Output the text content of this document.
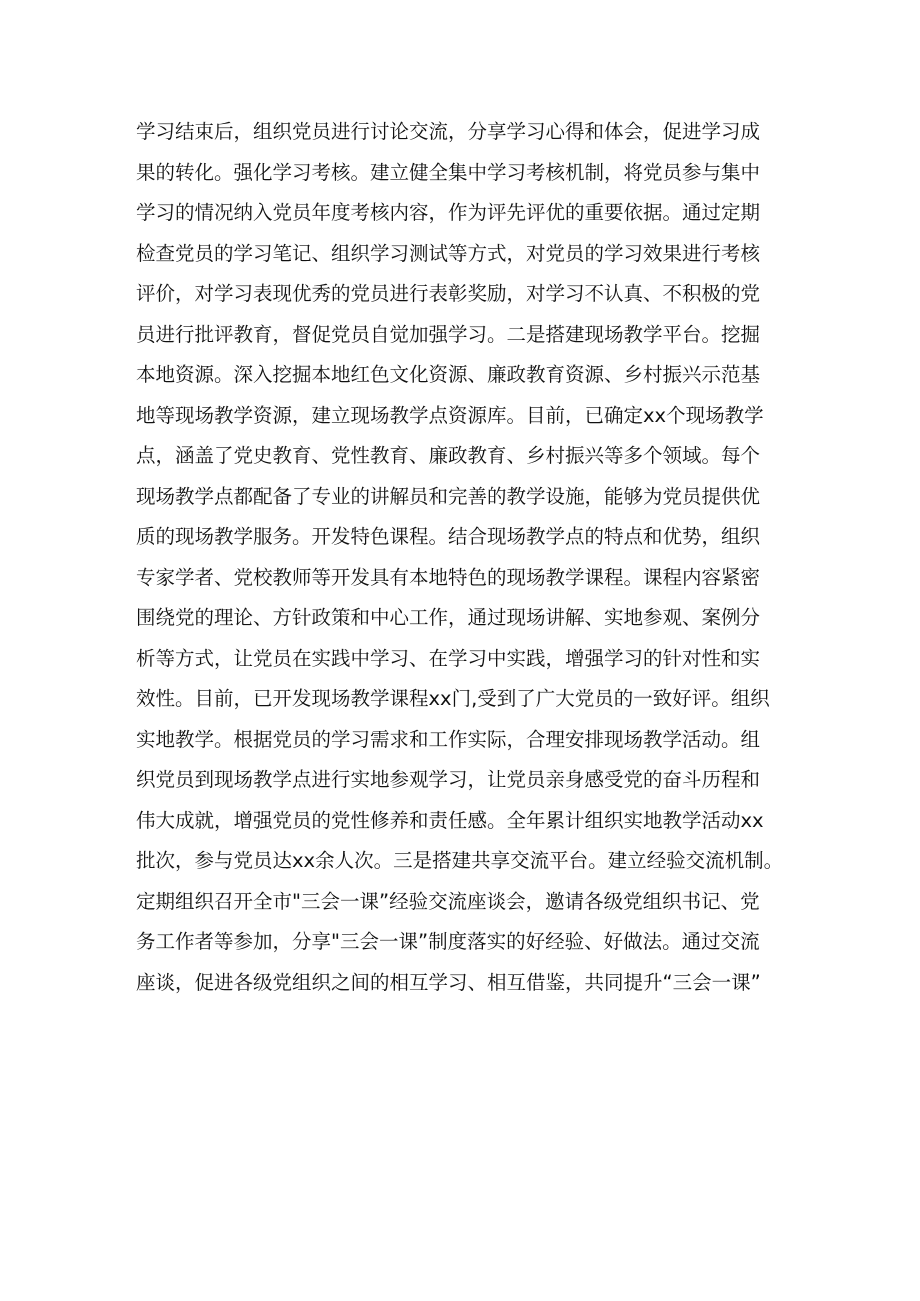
学习结束后，组织党员进行讨论交流，分享学习心得和体会，促进学习成
果的转化。强化学习考核。建立健全集中学习考核机制，将党员参与集中
学习的情况纳入党员年度考核内容，作为评先评优的重要依据。通过定期
检查党员的学习笔记、组织学习测试等方式，对党员的学习效果进行考核
评价，对学习表现优秀的党员进行表彰奖励，对学习不认真、不积极的党
员进行批评教育，督促党员自觉加强学习。二是搭建现场教学平台。挖掘
本地资源。深入挖掘本地红色文化资源、廉政教育资源、乡村振兴示范基
地等现场教学资源，建立现场教学点资源库。目前，已确定xx个现场教学
点，涵盖了党史教育、党性教育、廉政教育、乡村振兴等多个领域。每个
现场教学点都配备了专业的讲解员和完善的教学设施，能够为党员提供优
质的现场教学服务。开发特色课程。结合现场教学点的特点和优势，组织
专家学者、党校教师等开发具有本地特色的现场教学课程。课程内容紧密
围绕党的理论、方针政策和中心工作，通过现场讲解、实地参观、案例分
析等方式，让党员在实践中学习、在学习中实践，增强学习的针对性和实
效性。目前，已开发现场教学课程xx门,受到了广大党员的一致好评。组织
实地教学。根据党员的学习需求和工作实际，合理安排现场教学活动。组
织党员到现场教学点进行实地参观学习，让党员亲身感受党的奋斗历程和
伟大成就，增强党员的党性修养和责任感。全年累计组织实地教学活动xx
批次，参与党员达xx余人次。三是搭建共享交流平台。建立经验交流机制。
定期组织召开全市"三会一课”经验交流座谈会，邀请各级党组织书记、党
务工作者等参加，分享"三会一课”制度落实的好经验、好做法。通过交流
座谈，促进各级党组织之间的相互学习、相互借鉴，共同提升“三会一课”
